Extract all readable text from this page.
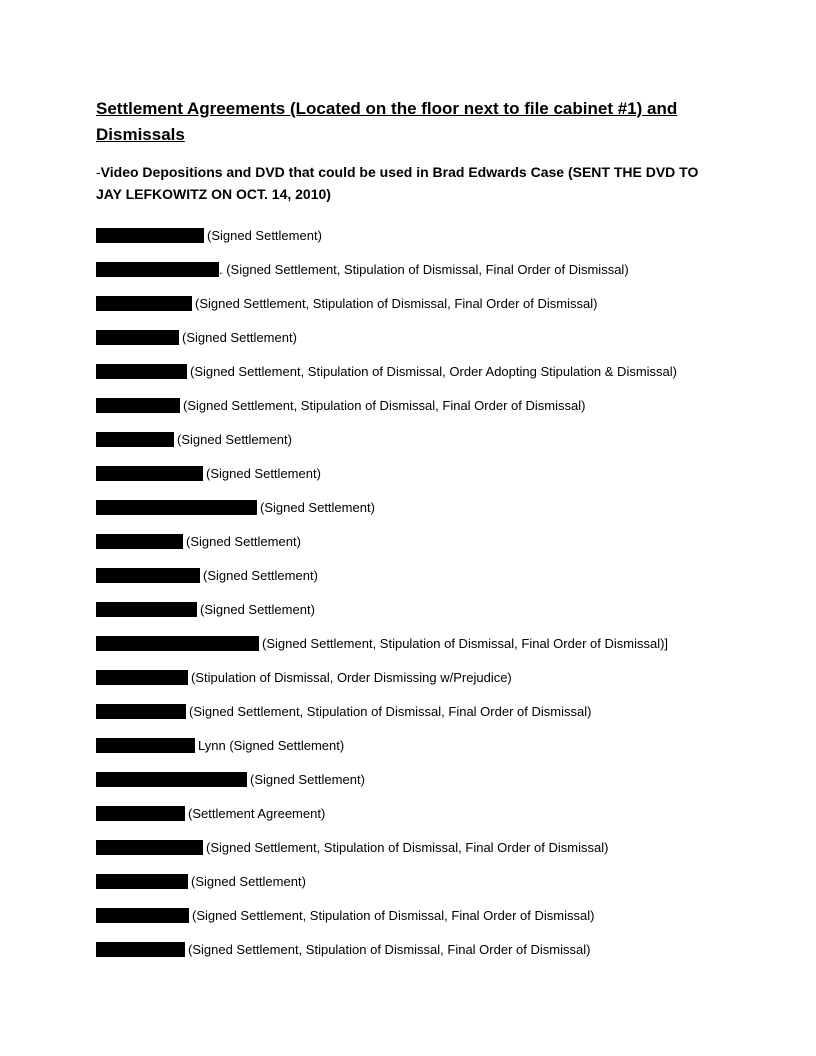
Settlement Agreements (Located on the floor next to file cabinet #1) and Dismissals
-Video Depositions and DVD that could be used in Brad Edwards Case (SENT THE DVD TO JAY LEFKOWITZ ON OCT. 14, 2010)
(Signed Settlement)
. (Signed Settlement, Stipulation of Dismissal, Final Order of Dismissal)
(Signed Settlement, Stipulation of Dismissal, Final Order of Dismissal)
(Signed Settlement)
(Signed Settlement, Stipulation of Dismissal, Order Adopting Stipulation & Dismissal)
(Signed Settlement, Stipulation of Dismissal, Final Order of Dismissal)
(Signed Settlement)
(Signed Settlement)
(Signed Settlement)
(Signed Settlement)
(Signed Settlement)
(Signed Settlement)
(Signed Settlement, Stipulation of Dismissal, Final Order of Dismissal)]
(Stipulation of Dismissal, Order Dismissing w/Prejudice)
(Signed Settlement, Stipulation of Dismissal, Final Order of Dismissal)
Lynn (Signed Settlement)
(Signed Settlement)
(Settlement Agreement)
(Signed Settlement, Stipulation of Dismissal, Final Order of Dismissal)
(Signed Settlement)
(Signed Settlement, Stipulation of Dismissal, Final Order of Dismissal)
(Signed Settlement, Stipulation of Dismissal, Final Order of Dismissal)
